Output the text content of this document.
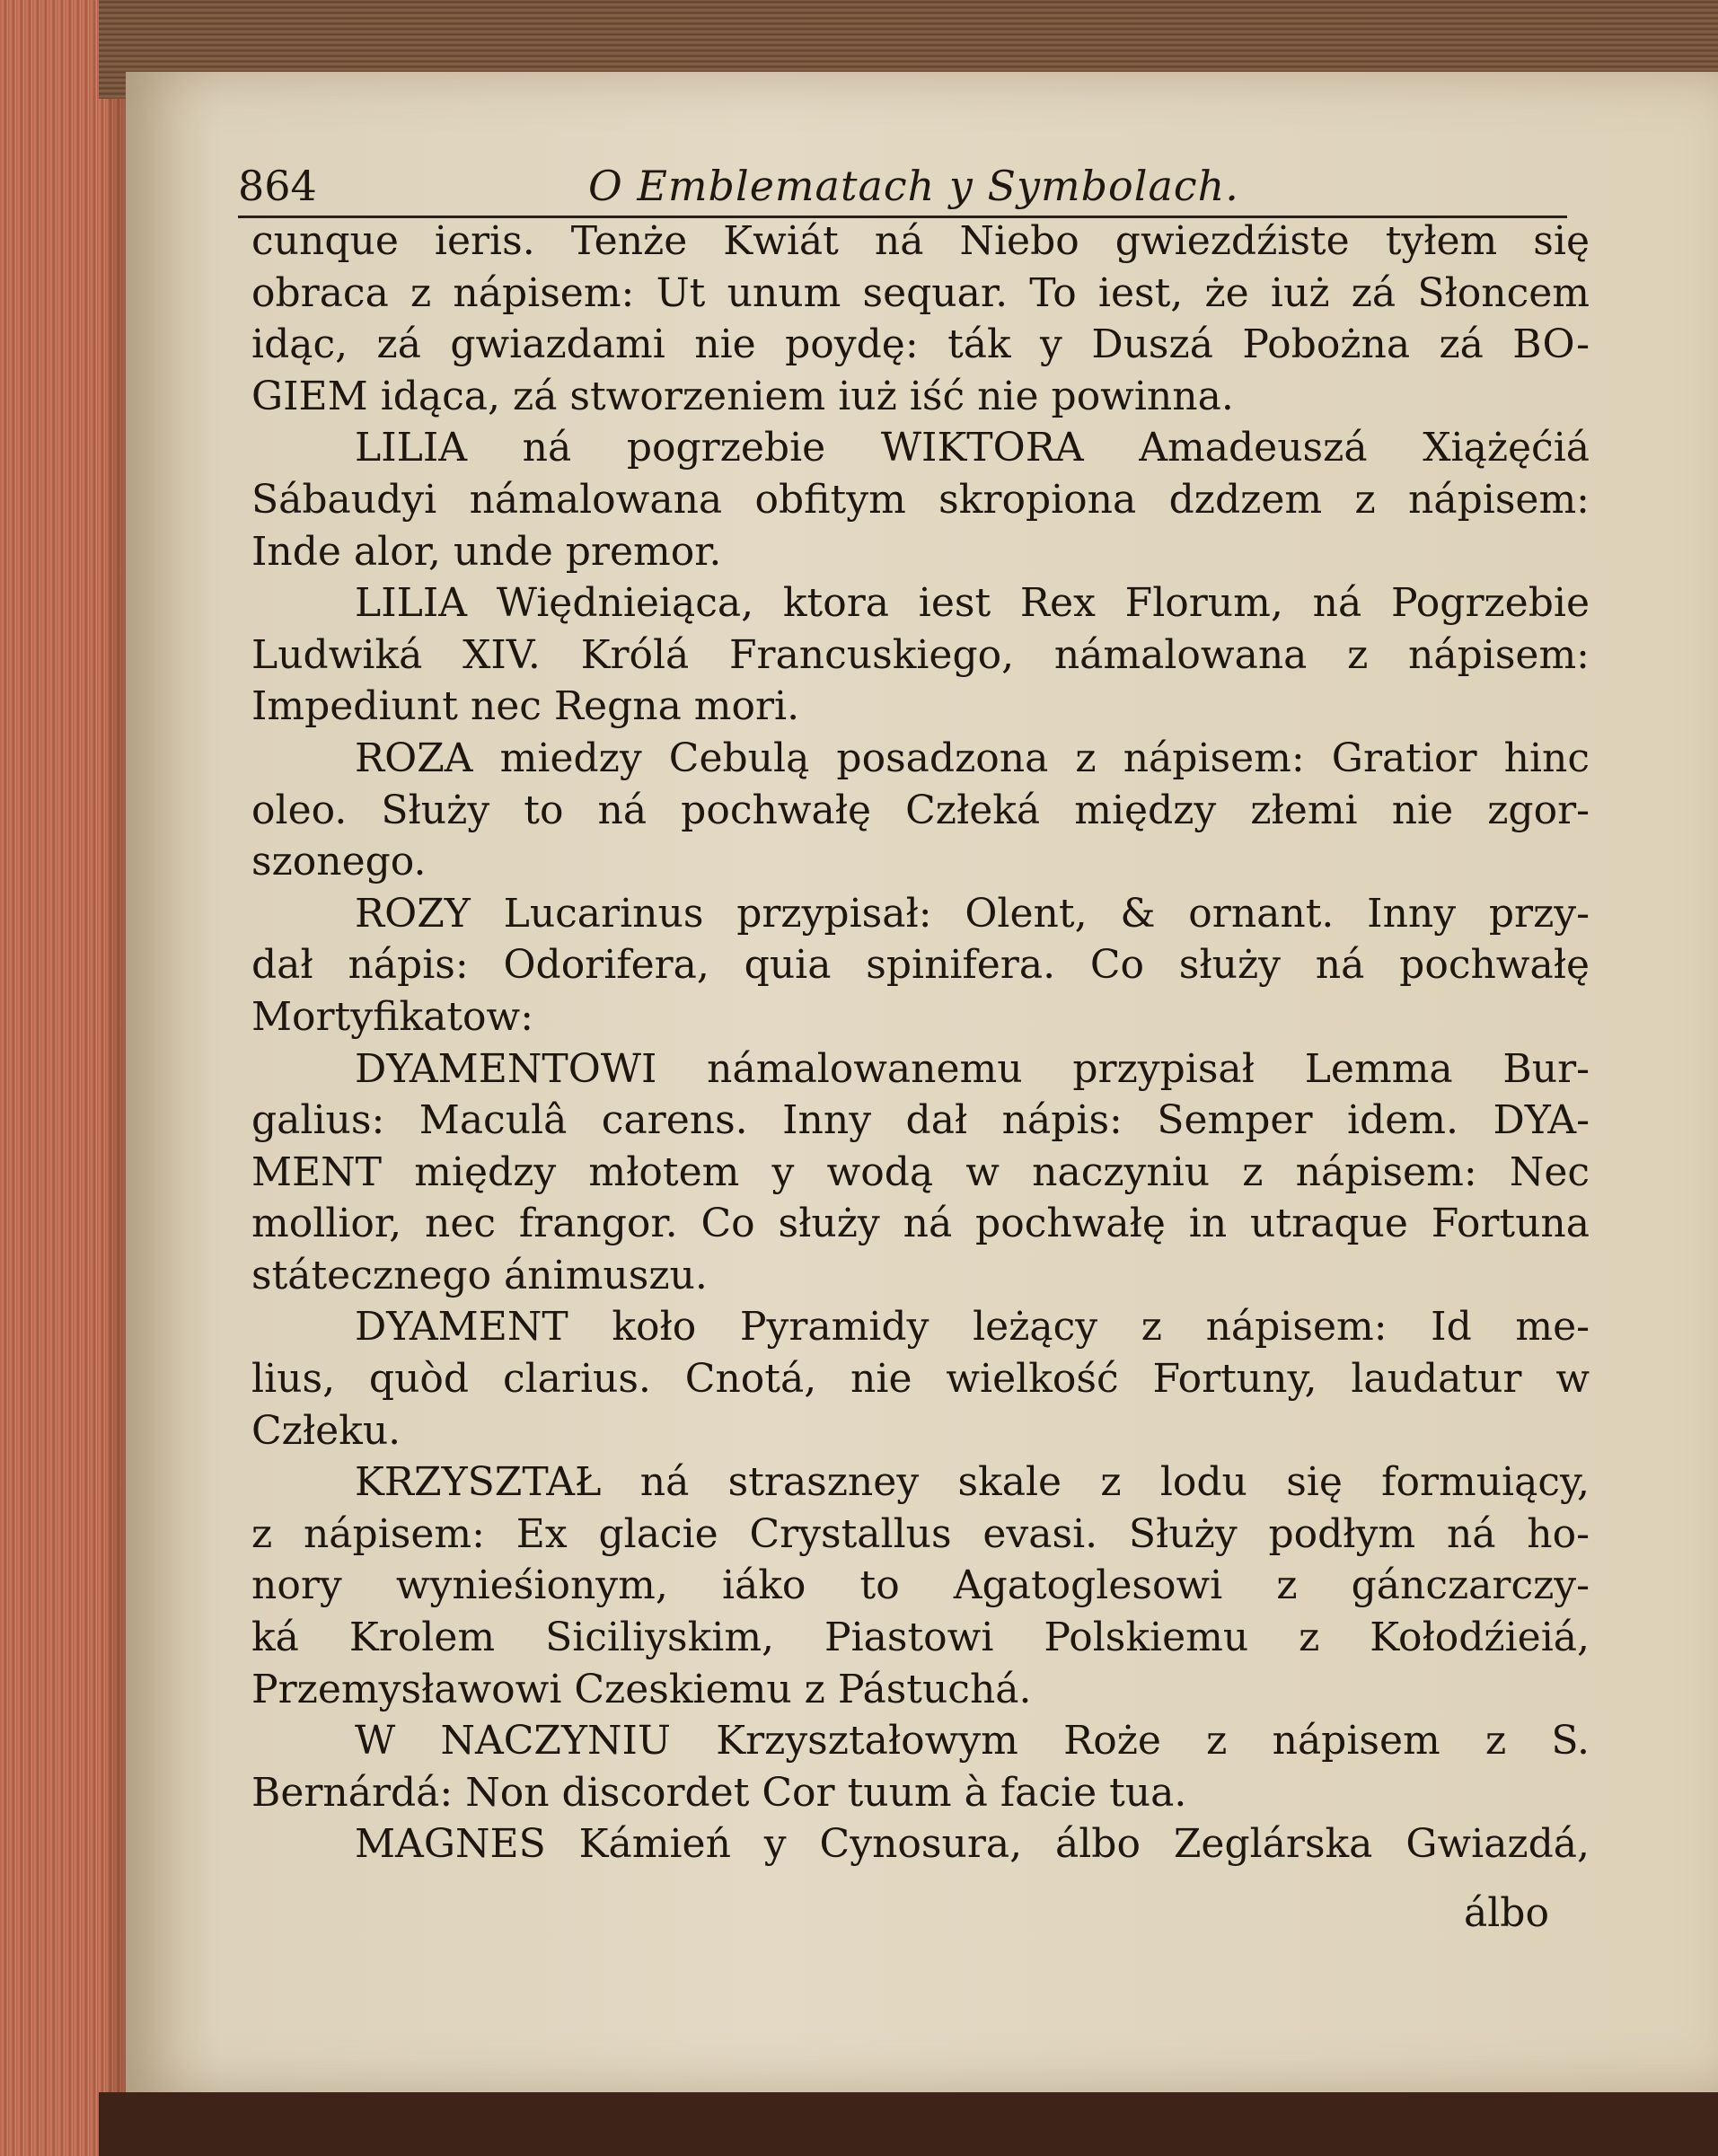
864	O Emblematach y Symbolach.
cunque ieris. Tenże Kwiát ná Niebo gwiezdźiste tyłem się
obraca z nápisem: Ut unum sequar. To iest, że iuż zá Słoncem
idąc, zá gwiazdami nie poydę: ták y Duszá Pobożna zá BO-
GIEM idąca, zá stworzeniem iuż iść nie powinna.
LILIA ná pogrzebie WIKTORA Amadeuszá Xiążęćiá
Sábaudyi námalowana obfitym skropiona dzdzem z nápisem:
Inde alor, unde premor.
LILIA Więdnieiąca, ktora iest Rex Florum, ná Pogrzebie
Ludwiká XIV. Królá Francuskiego, námalowana z nápisem:
Impediunt nec Regna mori.
ROZA miedzy Cebulą posadzona z nápisem: Gratior hinc
oleo. Służy to ná pochwałę Człeká między złemi nie zgor-
szonego.
ROZY Lucarinus przypisał: Olent, & ornant. Inny przy-
dał nápis: Odorifera, quia spinifera. Co służy ná pochwałę
Mortyfikatow:
DYAMENTOWI námalowanemu przypisał Lemma Bur-
galius: Maculâ carens. Inny dał nápis: Semper idem. DYA-
MENT między młotem y wodą w naczyniu z nápisem: Nec
mollior, nec frangor. Co służy ná pochwałę in utraque Fortuna
státecznego ánimuszu.
DYAMENT koło Pyramidy leżący z nápisem: Id me-
lius, quòd clarius. Cnotá, nie wielkość Fortuny, laudatur w
Człeku.
KRZYSZTAŁ ná straszney skale z lodu się formuiący,
z nápisem: Ex glacie Crystallus evasi. Służy podłym ná ho-
nory wynieśionym, iáko to Agatoglesowi z gánczarczy-
ká Krolem Siciliyskim, Piastowi Polskiemu z Kołodźieiá,
Przemysławowi Czeskiemu z Pástuchá.
W NACZYNIU Krzyształowym Roże z nápisem z S.
Bernárdá: Non discordet Cor tuum à facie tua.
MAGNES Kámień y Cynosura, álbo Zeglárska Gwiazdá,
álbo
